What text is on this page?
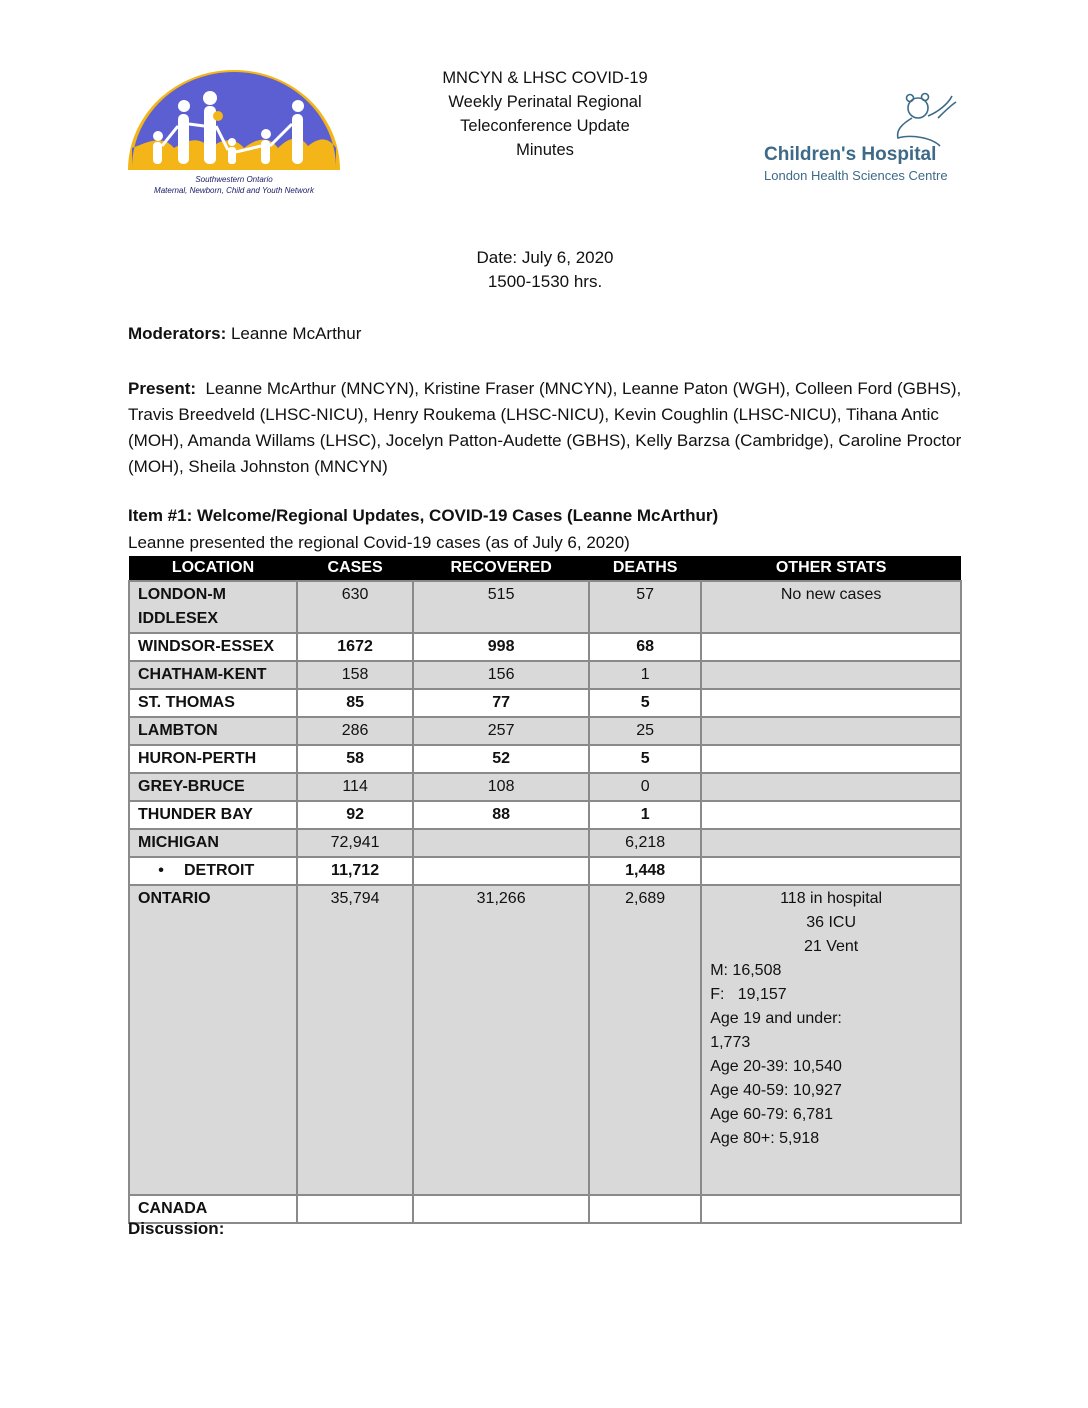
Southwestern Ontario
Maternal, Newborn, Child and Youth Network
MNCYN & LHSC COVID-19
Weekly Perinatal Regional
Teleconference Update
Minutes	Children's Hospital
London Health Sciences Centre
Date: July 6, 2020
1500-1530 hrs.
Moderators: Leanne McArthur
Present:  Leanne McArthur (MNCYN), Kristine Fraser (MNCYN), Leanne Paton (WGH), Colleen Ford (GBHS), Travis Breedveld (LHSC-NICU), Henry Roukema (LHSC-NICU), Kevin Coughlin (LHSC-NICU), Tihana Antic (MOH), Amanda Willams (LHSC), Jocelyn Patton-Audette (GBHS), Kelly Barzsa (Cambridge), Caroline Proctor (MOH), Sheila Johnston (MNCYN)
Item #1: Welcome/Regional Updates, COVID-19 Cases (Leanne McArthur)
Leanne presented the regional Covid-19 cases (as of July 6, 2020)
LOCATION	CASES	RECOVERED	DEATHS	OTHER STATS
LONDON-MIDDLESEX	630	515	57	No new cases
WINDSOR-ESSEX	1672	998	68	
CHATHAM-KENT	158	156	1	
ST. THOMAS	85	77	5	
LAMBTON	286	257	25	
HURON-PERTH	58	52	5	
GREY-BRUCE	114	108	0	
THUNDER BAY	92	88	1	
MICHIGAN	72,941		6,218	
• DETROIT	11,712		1,448	
ONTARIO	35,794	31,266	2,689	118 in hospital
36 ICU
21 Vent
M: 16,508
F:   19,157
Age 19 and under:
1,773
Age 20-39: 10,540
Age 40-59: 10,927
Age 60-79: 6,781
Age 80+: 5,918

CANADA				
Discussion:
